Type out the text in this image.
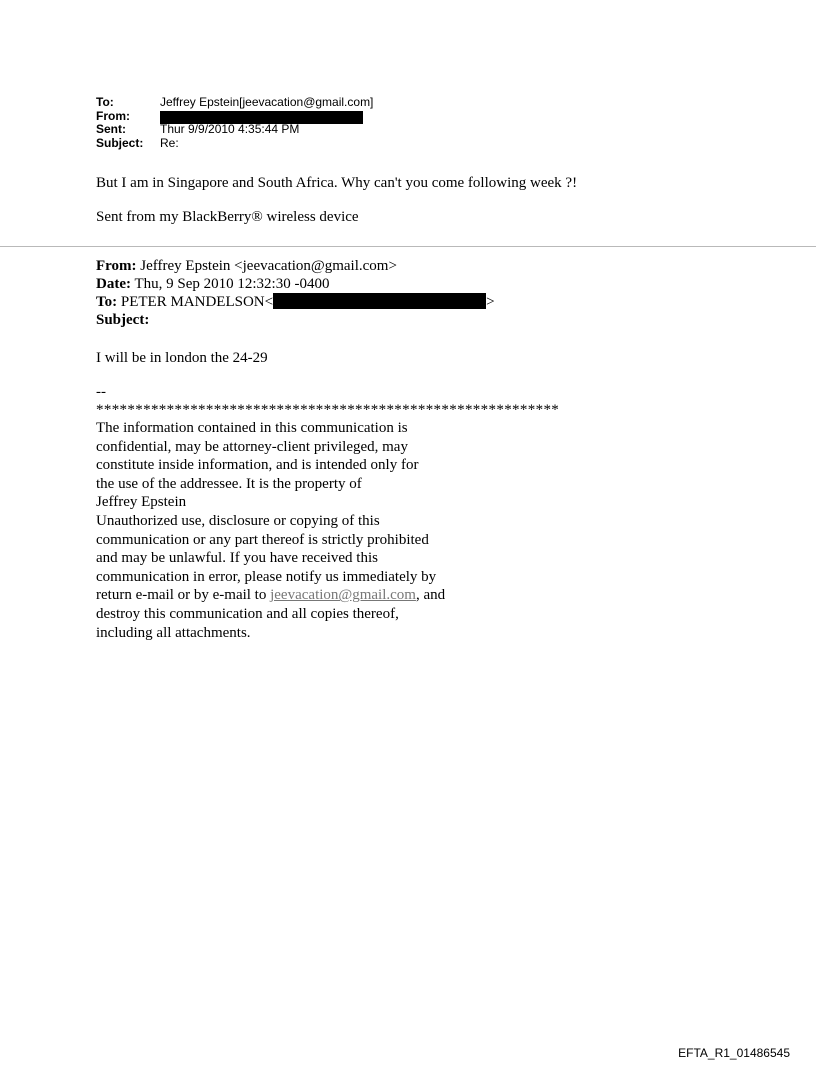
To:	Jeffrey Epstein[jeevacation@gmail.com]
From:
Sent:	Thur 9/9/2010 4:35:44 PM
Subject:	Re:

But I am in Singapore and South Africa. Why can't you come following week ?!

Sent from my BlackBerry® wireless device

From: Jeffrey Epstein <jeevacation@gmail.com>
Date: Thu, 9 Sep 2010 12:32:30 -0400
To: PETER MANDELSON<	>
Subject:
I will be in london the 24-29
--
***********************************************************
The information contained in this communication is
confidential, may be attorney-client privileged, may
constitute inside information, and is intended only for
the use of the addressee. It is the property of
Jeffrey Epstein
Unauthorized use, disclosure or copying of this
communication or any part thereof is strictly prohibited
and may be unlawful. If you have received this
communication in error, please notify us immediately by
return e-mail or by e-mail to jeevacation@gmail.com, and
destroy this communication and all copies thereof,
including all attachments.
EFTA_R1_01486545
